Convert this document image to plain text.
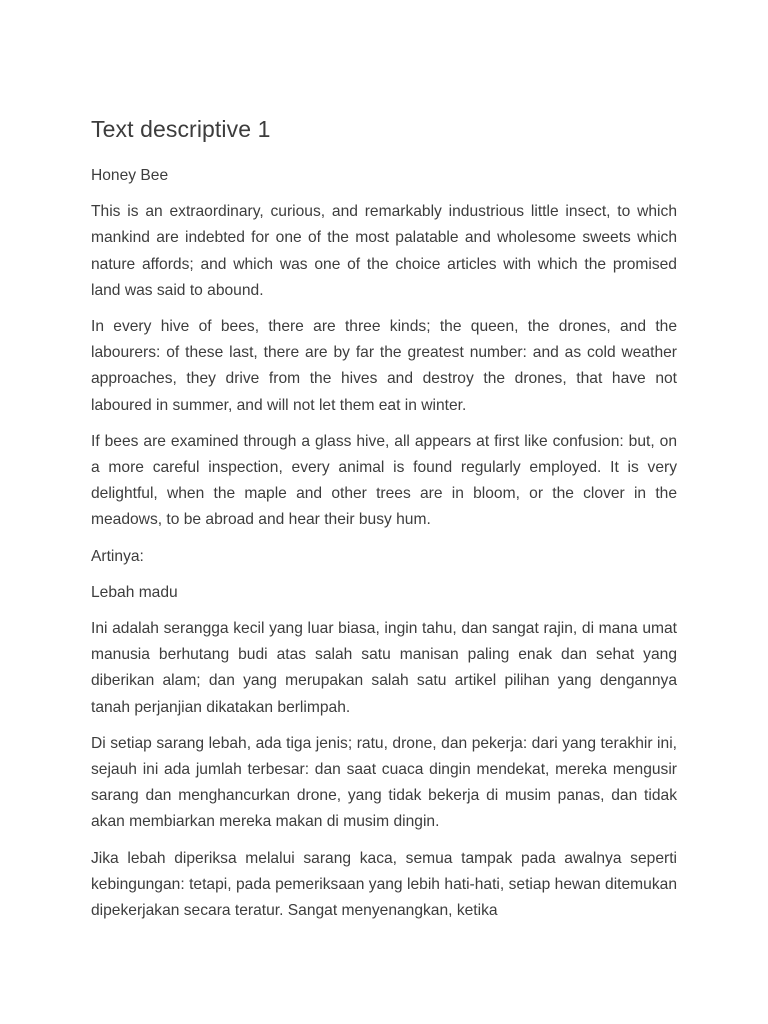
Text descriptive 1
Honey Bee
This is an extraordinary, curious, and remarkably industrious little insect, to which mankind are indebted for one of the most palatable and wholesome sweets which nature affords; and which was one of the choice articles with which the promised land was said to abound.
In every hive of bees, there are three kinds; the queen, the drones, and the labourers: of these last, there are by far the greatest number: and as cold weather approaches, they drive from the hives and destroy the drones, that have not laboured in summer, and will not let them eat in winter.
If bees are examined through a glass hive, all appears at first like confusion: but, on a more careful inspection, every animal is found regularly employed. It is very delightful, when the maple and other trees are in bloom, or the clover in the meadows, to be abroad and hear their busy hum.
Artinya:
Lebah madu
Ini adalah serangga kecil yang luar biasa, ingin tahu, dan sangat rajin, di mana umat manusia berhutang budi atas salah satu manisan paling enak dan sehat yang diberikan alam; dan yang merupakan salah satu artikel pilihan yang dengannya tanah perjanjian dikatakan berlimpah.
Di setiap sarang lebah, ada tiga jenis; ratu, drone, dan pekerja: dari yang terakhir ini, sejauh ini ada jumlah terbesar: dan saat cuaca dingin mendekat, mereka mengusir sarang dan menghancurkan drone, yang tidak bekerja di musim panas, dan tidak akan membiarkan mereka makan di musim dingin.
Jika lebah diperiksa melalui sarang kaca, semua tampak pada awalnya seperti kebingungan: tetapi, pada pemeriksaan yang lebih hati-hati, setiap hewan ditemukan dipekerjakan secara teratur. Sangat menyenangkan, ketika
